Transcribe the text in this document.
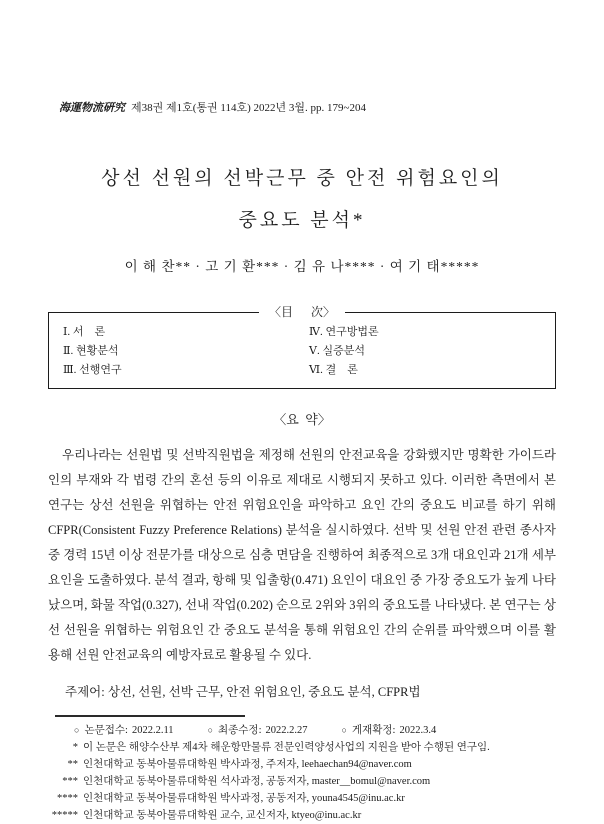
海運物流硏究 제38권 제1호(통권 114호) 2022년 3월. pp. 179~204

상선 선원의 선박근무 중 안전 위험요인의
중요도 분석*
이 해 찬** · 고 기 환*** · 김 유 나**** · 여 기 태*****
〈目      次〉
Ⅰ. 서    론
Ⅱ. 현황분석
Ⅲ. 선행연구
Ⅳ. 연구방법론
Ⅴ. 실증분석
Ⅵ. 결    론
〈요  약〉

우리나라는 선원법 및 선박직원법을 제정해 선원의 안전교육을 강화했지만 명확한 가이드라인의 부재와 각 법령 간의 혼선 등의 이유로 제대로 시행되지 못하고 있다. 이러한 측면에서 본 연구는 상선 선원을 위협하는 안전 위험요인을 파악하고 요인 간의 중요도 비교를 하기 위해 CFPR(Consistent Fuzzy Preference Relations) 분석을 실시하였다. 선박 및 선원 안전 관련 종사자 중 경력 15년 이상 전문가를 대상으로 심층 면담을 진행하여 최종적으로 3개 대요인과 21개 세부 요인을 도출하였다. 분석 결과, 항해 및 입출항(0.471) 요인이 대요인 중 가장 중요도가 높게 나타났으며, 화물 작업(0.327), 선내 작업(0.202) 순으로 2위와 3위의 중요도를 나타냈다. 본 연구는 상선 선원을 위협하는 위험요인 간 중요도 분석을 통해 위험요인 간의 순위를 파악했으며 이를 활용해 선원 안전교육의 예방자료로 활용될 수 있다.

주제어: 상선, 선원, 선박 근무, 안전 위험요인, 중요도 분석, CFPR법
○ 논문접수: 2022.2.11	○ 최종수정: 2022.2.27	○ 게재확정: 2022.3.4
* 이 논문은 해양수산부 제4차 해운항만물류 전문인력양성사업의 지원을 받아 수행된 연구임.
** 인천대학교 동북아물류대학원 박사과정, 주저자, leehaechan94@naver.com
*** 인천대학교 동북아물류대학원 석사과정, 공동저자, master__bomul@naver.com
**** 인천대학교 동북아물류대학원 박사과정, 공동저자, youna4545@inu.ac.kr
***** 인천대학교 동북아물류대학원 교수, 교신저자, ktyeo@inu.ac.kr
